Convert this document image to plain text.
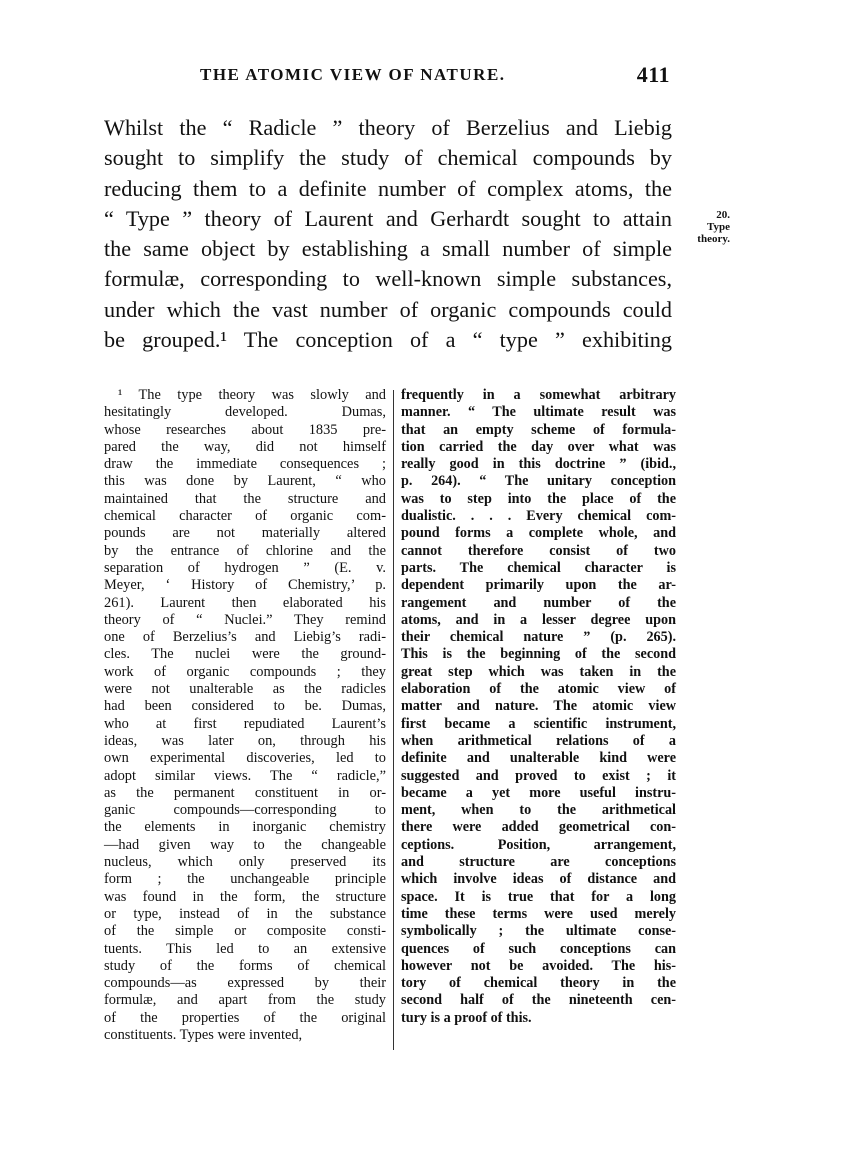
THE ATOMIC VIEW OF NATURE.	411
Whilst the “ Radicle ” theory of Berzelius and Liebig
sought to simplify the study of chemical compounds by
reducing them to a definite number of complex atoms, the
“ Type ” theory of Laurent and Gerhardt sought to attain
the same object by establishing a small number of simple
formulæ, corresponding to well-known simple substances,
under which the vast number of organic compounds could
be grouped.¹ The conception of a “ type ” exhibiting
20.
Type
theory.
¹ The type theory was slowly and
hesitatingly developed. Dumas,
whose researches about 1835 pre-
pared the way, did not himself
draw the immediate consequences ;
this was done by Laurent, “ who
maintained that the structure and
chemical character of organic com-
pounds are not materially altered
by the entrance of chlorine and the
separation of hydrogen ” (E. v.
Meyer, ‘ History of Chemistry,’ p.
261). Laurent then elaborated his
theory of “ Nuclei.” They remind
one of Berzelius’s and Liebig’s radi-
cles. The nuclei were the ground-
work of organic compounds ; they
were not unalterable as the radicles
had been considered to be. Dumas,
who at first repudiated Laurent’s
ideas, was later on, through his
own experimental discoveries, led to
adopt similar views. The “ radicle,”
as the permanent constituent in or-
ganic compounds—corresponding to
the elements in inorganic chemistry
—had given way to the changeable
nucleus, which only preserved its
form ; the unchangeable principle
was found in the form, the structure
or type, instead of in the substance
of the simple or composite consti-
tuents. This led to an extensive
study of the forms of chemical
compounds—as expressed by their
formulæ, and apart from the study
of the properties of the original
constituents. Types were invented,
frequently in a somewhat arbitrary
manner. “ The ultimate result was
that an empty scheme of formula-
tion carried the day over what was
really good in this doctrine ” (ibid.,
p. 264). “ The unitary conception
was to step into the place of the
dualistic. . . . Every chemical com-
pound forms a complete whole, and
cannot therefore consist of two
parts. The chemical character is
dependent primarily upon the ar-
rangement and number of the
atoms, and in a lesser degree upon
their chemical nature ” (p. 265).
This is the beginning of the second
great step which was taken in the
elaboration of the atomic view of
matter and nature. The atomic view
first became a scientific instrument,
when arithmetical relations of a
definite and unalterable kind were
suggested and proved to exist ; it
became a yet more useful instru-
ment, when to the arithmetical
there were added geometrical con-
ceptions. Position, arrangement,
and structure are conceptions
which involve ideas of distance and
space. It is true that for a long
time these terms were used merely
symbolically ; the ultimate conse-
quences of such conceptions can
however not be avoided. The his-
tory of chemical theory in the
second half of the nineteenth cen-
tury is a proof of this.
